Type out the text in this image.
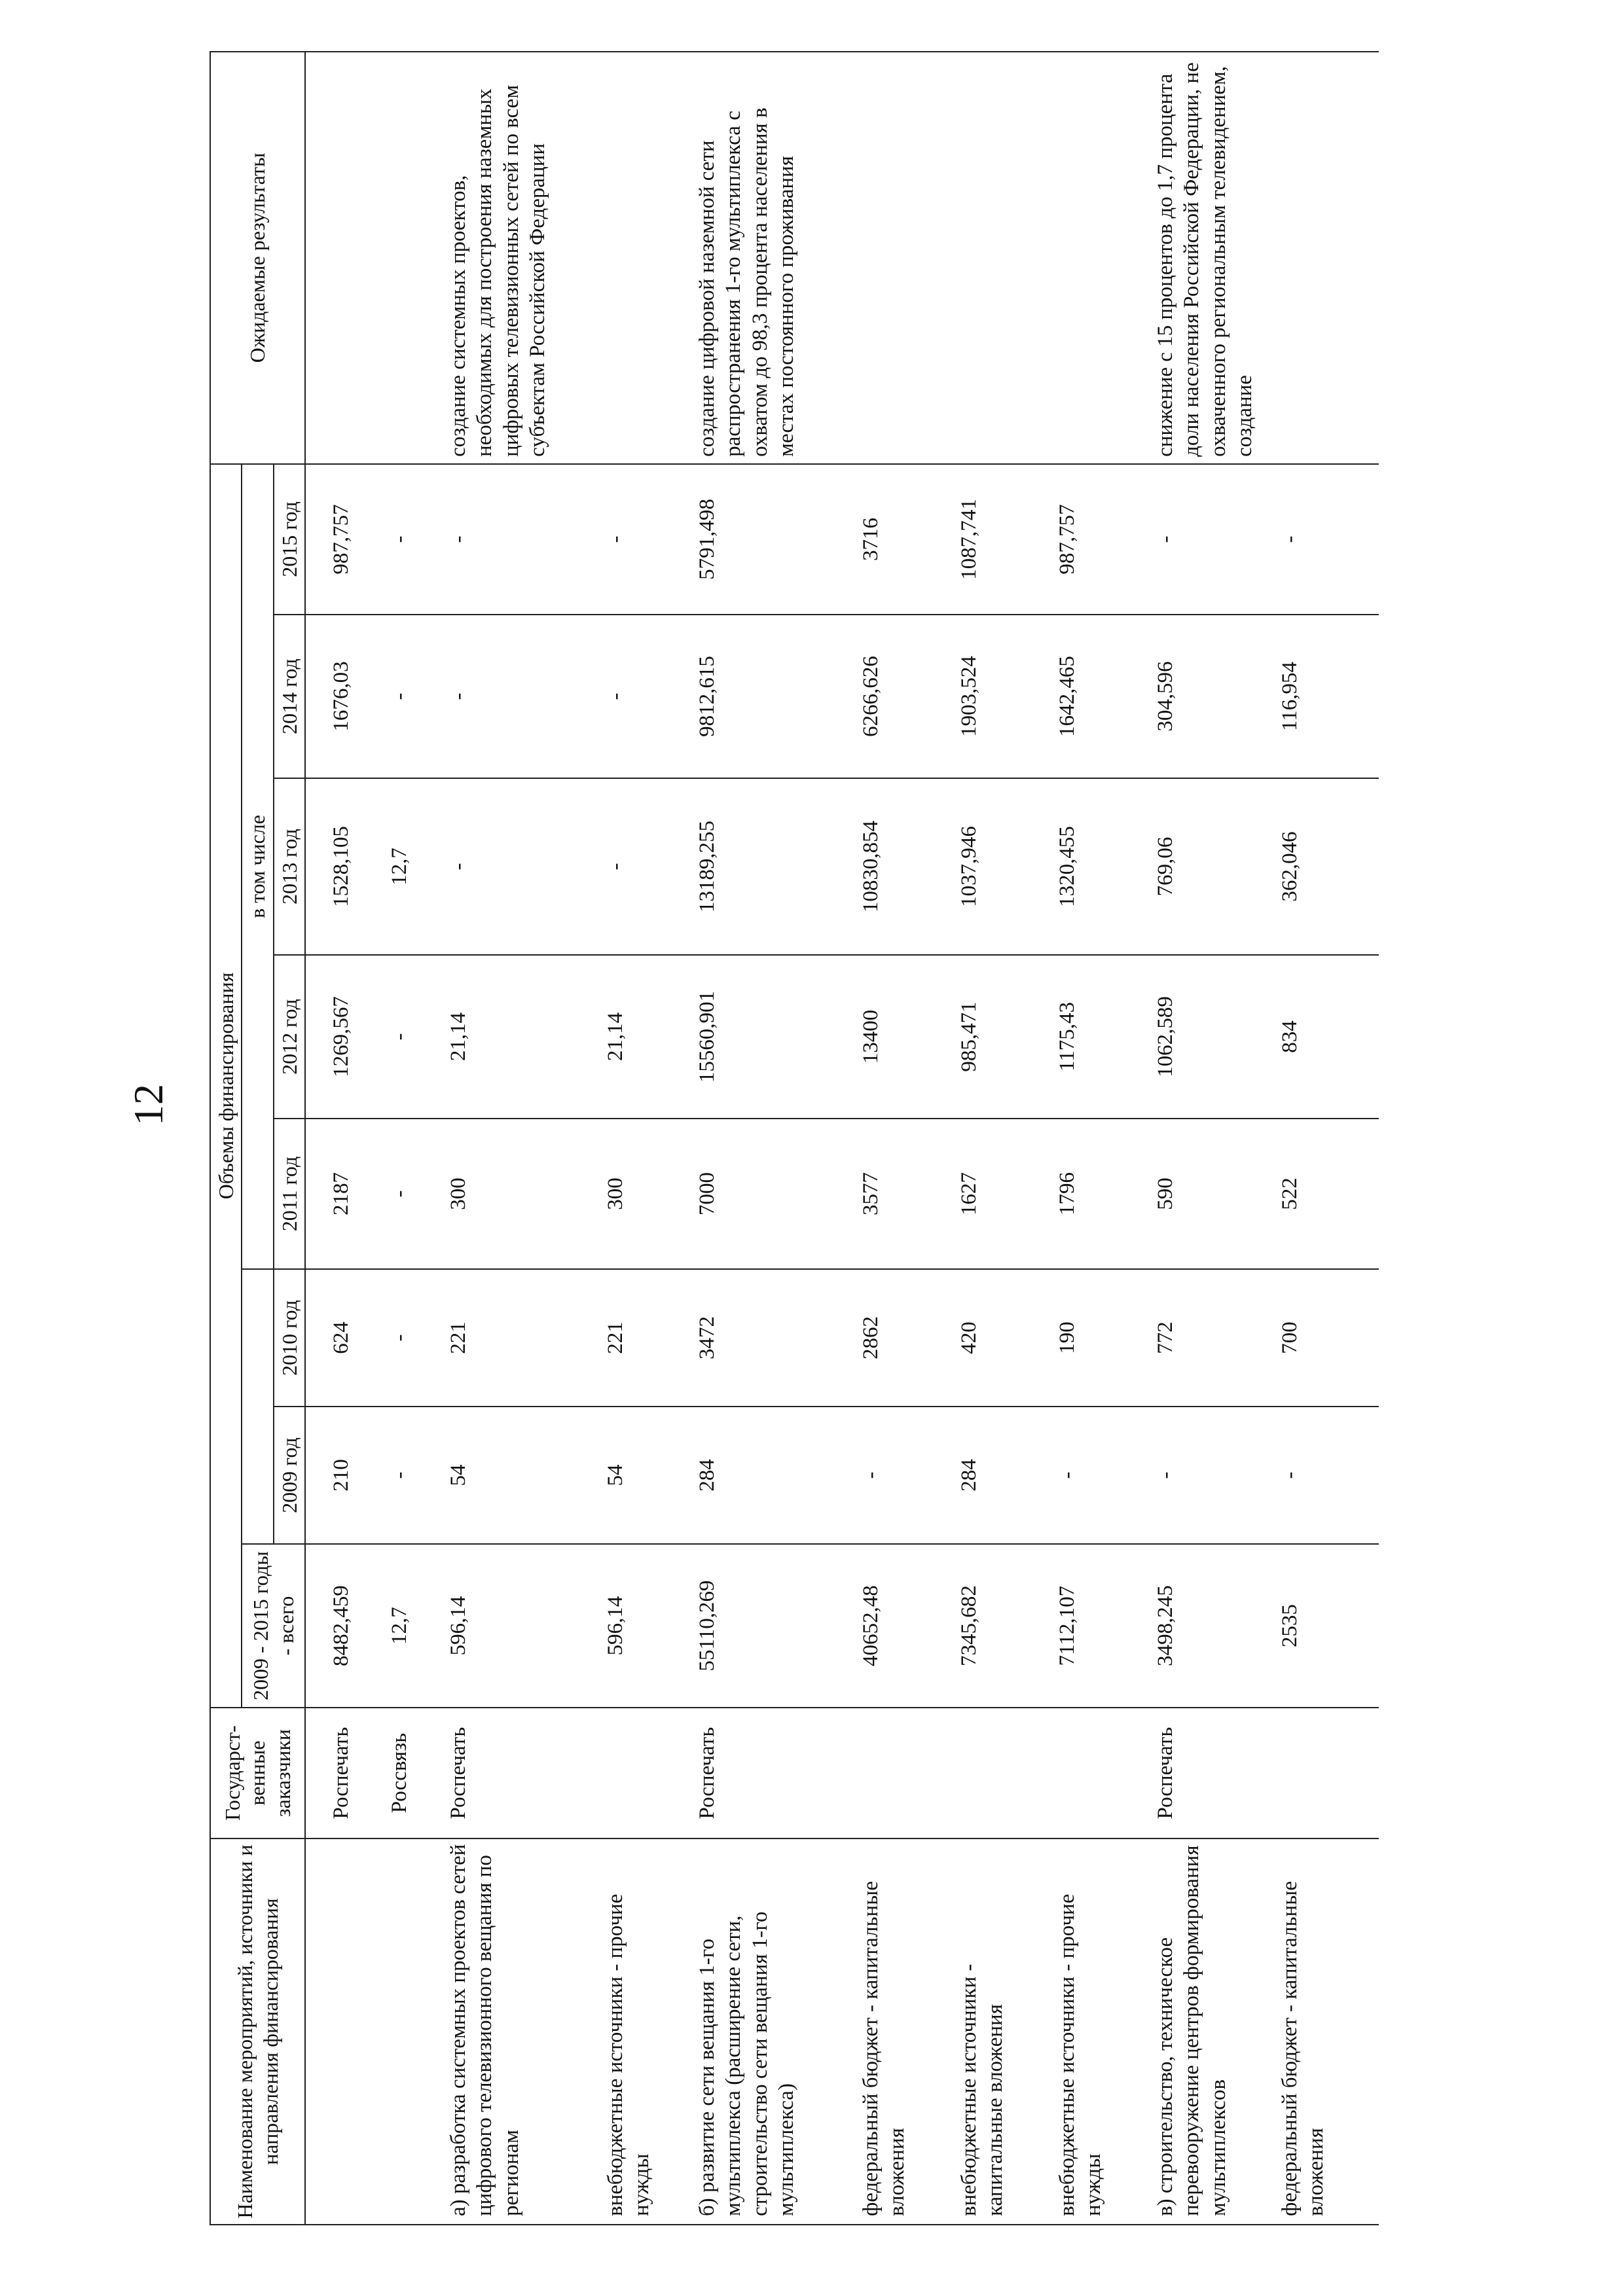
12
Наименование мероприятий, источники и направления финансирования	Государст-венные заказчики	Объемы финансирования								Ожидаемые результаты
		2009 - 2015 годы - всего			в том числе					
			2009 год	2010 год	2011 год	2012 год	2013 год	2014 год	2015 год	
	Роспечать	8482,459	210	624	2187	1269,567	1528,105	1676,03	987,757	
	Россвязь	12,7	-	-	-	-	12,7	-	-	
а) разработка системных проектов сетей цифрового телевизионного вещания по регионам	Роспечать	596,14	54	221	300	21,14	-	-	-	создание системных проектов, необходимых для построения наземных цифровых телевизионных сетей по всем субъектам Российской Федерации
внебюджетные источники - прочие нужды		596,14	54	221	300	21,14	-	-	-	
б) развитие сети вещания 1-го мультиплекса (расширение сети, строительство сети вещания 1-го мультиплекса)	Роспечать	55110,269	284	3472	7000	15560,901	13189,255	9812,615	5791,498	создание цифровой наземной сети распространения 1-го мультиплекса с охватом до 98,3 процента населения в местах постоянного проживания
федеральный бюджет - капитальные вложения		40652,48	-	2862	3577	13400	10830,854	6266,626	3716	
внебюджетные источники - капитальные вложения		7345,682	284	420	1627	985,471	1037,946	1903,524	1087,741	
внебюджетные источники - прочие нужды		7112,107	-	190	1796	1175,43	1320,455	1642,465	987,757	
в) строительство, техническое перевооружение центров формирования мультиплексов	Роспечать	3498,245	-	772	590	1062,589	769,06	304,596	-	снижение с 15 процентов до 1,7 процента доли населения Российской Федерации, не охваченного региональным телевидением, создание
федеральный бюджет - капитальные вложения		2535	-	700	522	834	362,046	116,954	-	
